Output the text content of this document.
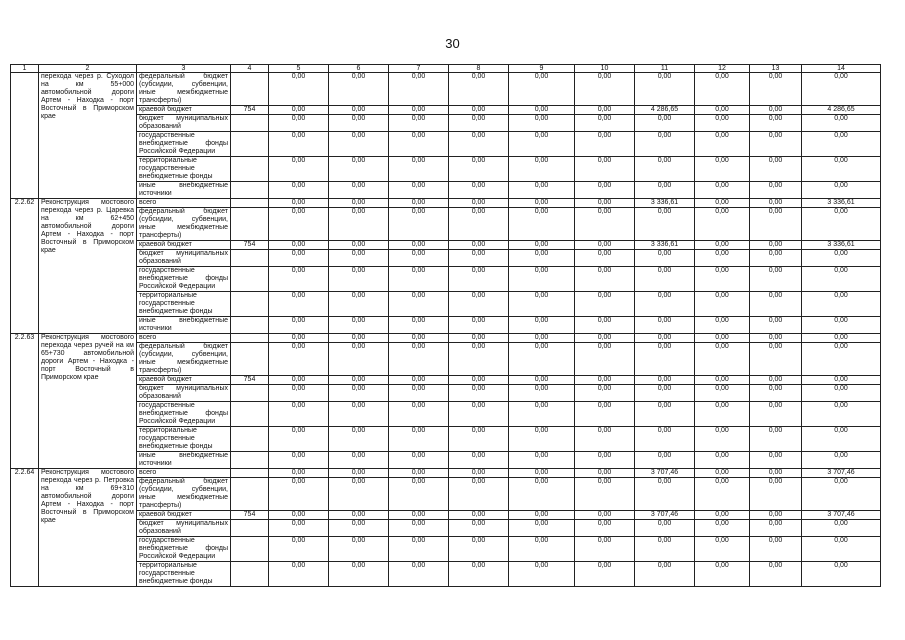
30
1	2	3	4	5	6	7	8	9	10	11	12	13	14
	перехода через р. Суходол на км 55+000 автомобильной дороги Артем - Находка - порт Восточный в Приморском крае	федеральный бюджет (субсидии, субвенции, иные межбюджетные трансферты)		0,00	0,00	0,00	0,00	0,00	0,00	0,00	0,00	0,00	0,00
		краевой бюджет	754	0,00	0,00	0,00	0,00	0,00	0,00	4 286,65	0,00	0,00	4 286,65
		бюджет муниципальных образований		0,00	0,00	0,00	0,00	0,00	0,00	0,00	0,00	0,00	0,00
		государственные внебюджетные фонды Российской Федерации		0,00	0,00	0,00	0,00	0,00	0,00	0,00	0,00	0,00	0,00
		территориальные государственные внебюджетные фонды		0,00	0,00	0,00	0,00	0,00	0,00	0,00	0,00	0,00	0,00
		иные внебюджетные источники		0,00	0,00	0,00	0,00	0,00	0,00	0,00	0,00	0,00	0,00
2.2.62	Реконструкция мостового перехода через р. Царевка на км 62+450 автомобильной дороги Артем - Находка - порт Восточный в Приморском крае	всего		0,00	0,00	0,00	0,00	0,00	0,00	3 336,61	0,00	0,00	3 336,61
		федеральный бюджет (субсидии, субвенции, иные межбюджетные трансферты)		0,00	0,00	0,00	0,00	0,00	0,00	0,00	0,00	0,00	0,00
		краевой бюджет	754	0,00	0,00	0,00	0,00	0,00	0,00	3 336,61	0,00	0,00	3 336,61
		бюджет муниципальных образований		0,00	0,00	0,00	0,00	0,00	0,00	0,00	0,00	0,00	0,00
		государственные внебюджетные фонды Российской Федерации		0,00	0,00	0,00	0,00	0,00	0,00	0,00	0,00	0,00	0,00
		территориальные государственные внебюджетные фонды		0,00	0,00	0,00	0,00	0,00	0,00	0,00	0,00	0,00	0,00
		иные внебюджетные источники		0,00	0,00	0,00	0,00	0,00	0,00	0,00	0,00	0,00	0,00
2.2.63	Реконструкция мостового перехода через ручей на км 65+730 автомобильной дороги Артем - Находка - порт Восточный в Приморском крае	всего		0,00	0,00	0,00	0,00	0,00	0,00	0,00	0,00	0,00	0,00
		федеральный бюджет (субсидии, субвенции, иные межбюджетные трансферты)		0,00	0,00	0,00	0,00	0,00	0,00	0,00	0,00	0,00	0,00
		краевой бюджет	754	0,00	0,00	0,00	0,00	0,00	0,00	0,00	0,00	0,00	0,00
		бюджет муниципальных образований		0,00	0,00	0,00	0,00	0,00	0,00	0,00	0,00	0,00	0,00
		государственные внебюджетные фонды Российской Федерации		0,00	0,00	0,00	0,00	0,00	0,00	0,00	0,00	0,00	0,00
		территориальные государственные внебюджетные фонды		0,00	0,00	0,00	0,00	0,00	0,00	0,00	0,00	0,00	0,00
		иные внебюджетные источники		0,00	0,00	0,00	0,00	0,00	0,00	0,00	0,00	0,00	0,00
2.2.64	Реконструкция мостового перехода через р. Петровка на км 69+310 автомобильной дороги Артем - Находка - порт Восточный в Приморском крае	всего		0,00	0,00	0,00	0,00	0,00	0,00	3 707,46	0,00	0,00	3 707,46
		федеральный бюджет (субсидии, субвенции, иные межбюджетные трансферты)		0,00	0,00	0,00	0,00	0,00	0,00	0,00	0,00	0,00	0,00
		краевой бюджет	754	0,00	0,00	0,00	0,00	0,00	0,00	3 707,46	0,00	0,00	3 707,46
		бюджет муниципальных образований		0,00	0,00	0,00	0,00	0,00	0,00	0,00	0,00	0,00	0,00
		государственные внебюджетные фонды Российской Федерации		0,00	0,00	0,00	0,00	0,00	0,00	0,00	0,00	0,00	0,00
		территориальные государственные внебюджетные фонды		0,00	0,00	0,00	0,00	0,00	0,00	0,00	0,00	0,00	0,00
